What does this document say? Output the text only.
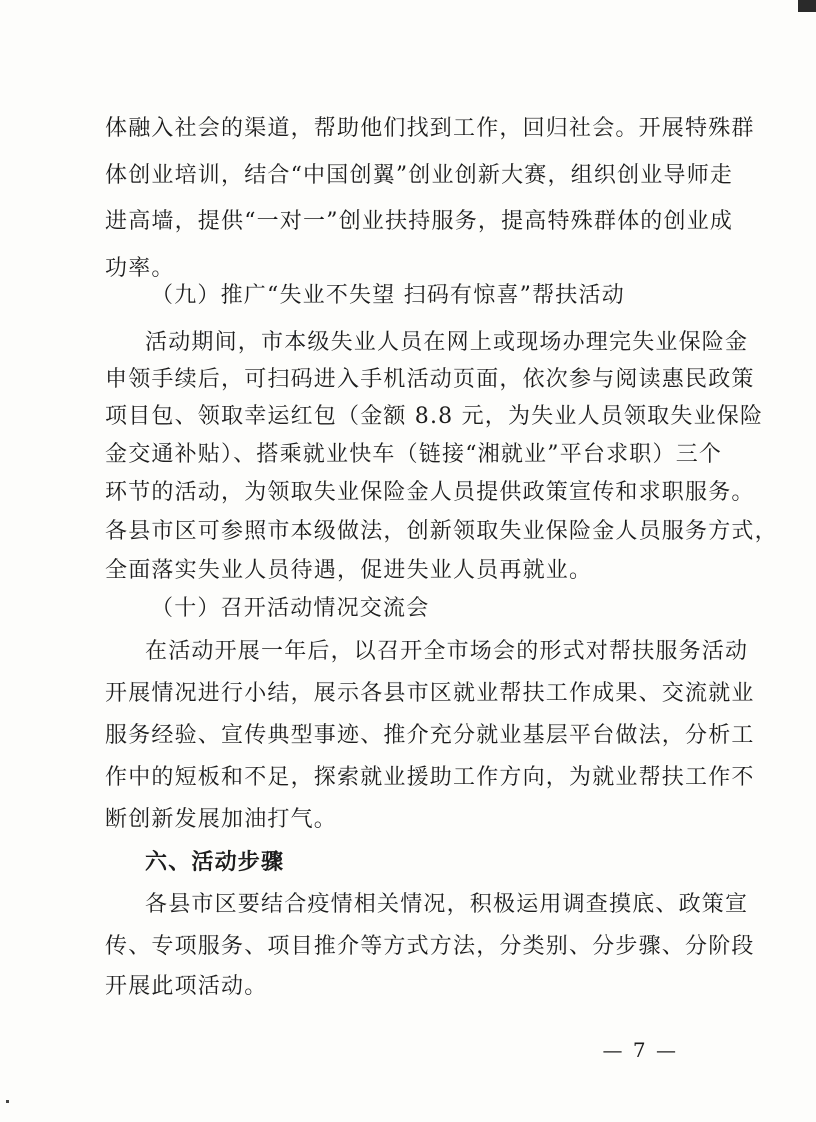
体融入社会的渠道，帮助他们找到工作，回归社会。开展特殊群
体创业培训，结合“中国创翼”创业创新大赛，组织创业导师走
进高墙，提供“一对一”创业扶持服务，提高特殊群体的创业成
功率。
（九）推广“失业不失望 扫码有惊喜”帮扶活动
活动期间，市本级失业人员在网上或现场办理完失业保险金
申领手续后，可扫码进入手机活动页面，依次参与阅读惠民政策
项目包、领取幸运红包（金额 8.8 元，为失业人员领取失业保险
金交通补贴）、搭乘就业快车（链接“湘就业”平台求职）三个
环节的活动，为领取失业保险金人员提供政策宣传和求职服务。
各县市区可参照市本级做法，创新领取失业保险金人员服务方式，
全面落实失业人员待遇，促进失业人员再就业。
（十）召开活动情况交流会
在活动开展一年后，以召开全市场会的形式对帮扶服务活动
开展情况进行小结，展示各县市区就业帮扶工作成果、交流就业
服务经验、宣传典型事迹、推介充分就业基层平台做法，分析工
作中的短板和不足，探索就业援助工作方向，为就业帮扶工作不
断创新发展加油打气。
六、活动步骤
各县市区要结合疫情相关情况，积极运用调查摸底、政策宣
传、专项服务、项目推介等方式方法，分类别、分步骤、分阶段
开展此项活动。
— 7 —
